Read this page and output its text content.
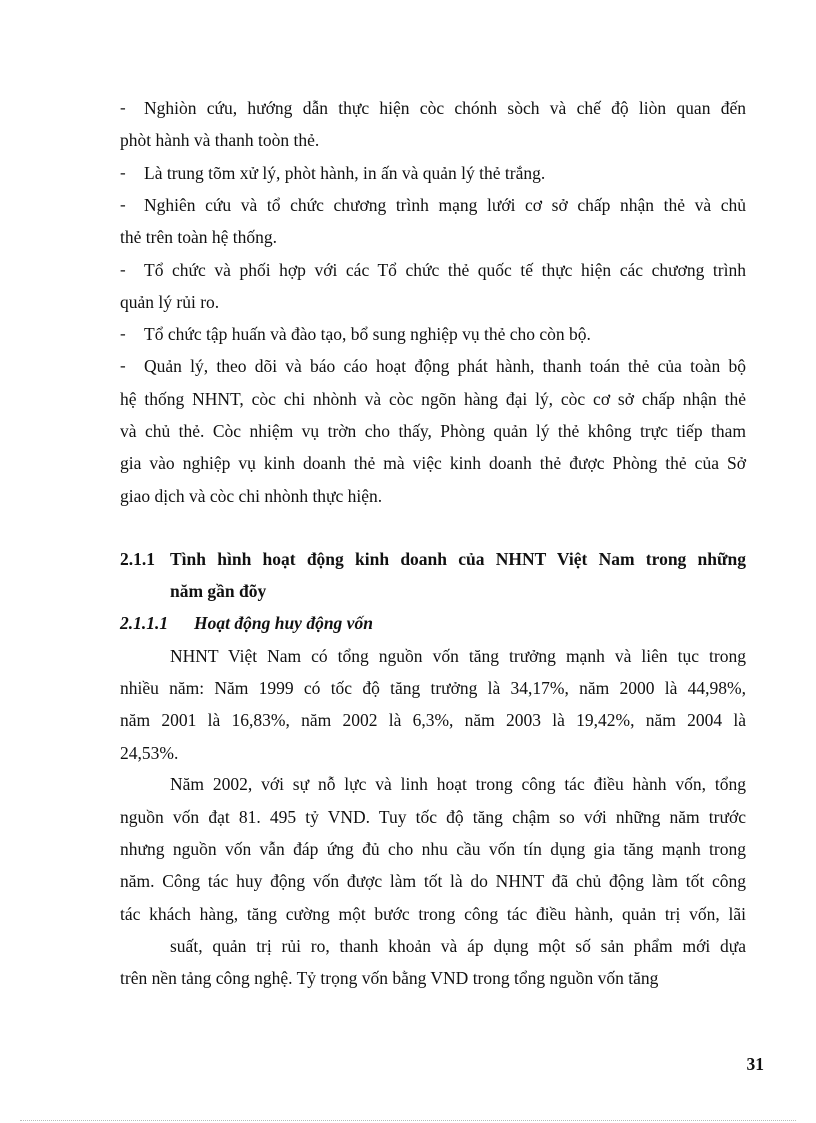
-	Nghiòn cứu, hướng dẫn thực hiện còc chónh sòch và chế độ liòn quan đến
phòt hành và thanh toòn thẻ.
-	Là trung tõm xử lý, phòt hành, in ấn và quản lý thẻ trắng.
-	Nghiên cứu và tổ chức chương trình mạng lưới cơ sở chấp nhận thẻ và chủ
thẻ trên toàn hệ thống.
-	Tổ chức và phối hợp với các Tổ chức thẻ quốc tế thực hiện các chương trình
quản lý rủi ro.
-	Tổ chức tập huấn và đào tạo, bổ sung nghiệp vụ thẻ cho còn bộ.
-	Quản lý, theo dõi và báo cáo hoạt động phát hành, thanh toán thẻ của toàn bộ
hệ thống NHNT, còc chi nhònh và còc ngõn hàng đại lý, còc cơ sở chấp nhận thẻ
và chủ thẻ. Còc nhiệm vụ trờn cho thấy, Phòng quản lý thẻ không trực tiếp tham
gia vào nghiệp vụ kinh doanh thẻ mà việc kinh doanh thẻ được Phòng thẻ của Sở
giao dịch và còc chi nhònh thực hiện.
2.1.1 Tình hình hoạt động kinh doanh của NHNT Việt Nam trong những
năm gần đõy
2.1.1.1 Hoạt động huy động vốn
NHNT Việt Nam có tổng nguồn vốn tăng trưởng mạnh và liên tục trong
nhiều năm: Năm 1999 có tốc độ tăng trưởng là 34,17%, năm 2000 là 44,98%,
năm 2001 là 16,83%, năm 2002 là 6,3%, năm 2003 là 19,42%, năm 2004 là
24,53%.
Năm 2002, với sự nỗ lực và linh hoạt trong công tác điều hành vốn, tổng
nguồn vốn đạt 81. 495 tỷ VND. Tuy tốc độ tăng chậm so với những năm trước
nhưng nguồn vốn vẫn đáp ứng đủ cho nhu cầu vốn tín dụng gia tăng mạnh trong
năm. Công tác huy động vốn được làm tốt là do NHNT đã chủ động làm tốt công
tác khách hàng, tăng cường một bước trong công tác điều hành, quản trị vốn, lãi
suất, quản trị rủi ro, thanh khoản và áp dụng một số sản phẩm mới dựa
trên nền tảng công nghệ. Tỷ trọng vốn bằng VND trong tổng nguồn vốn tăng
31
